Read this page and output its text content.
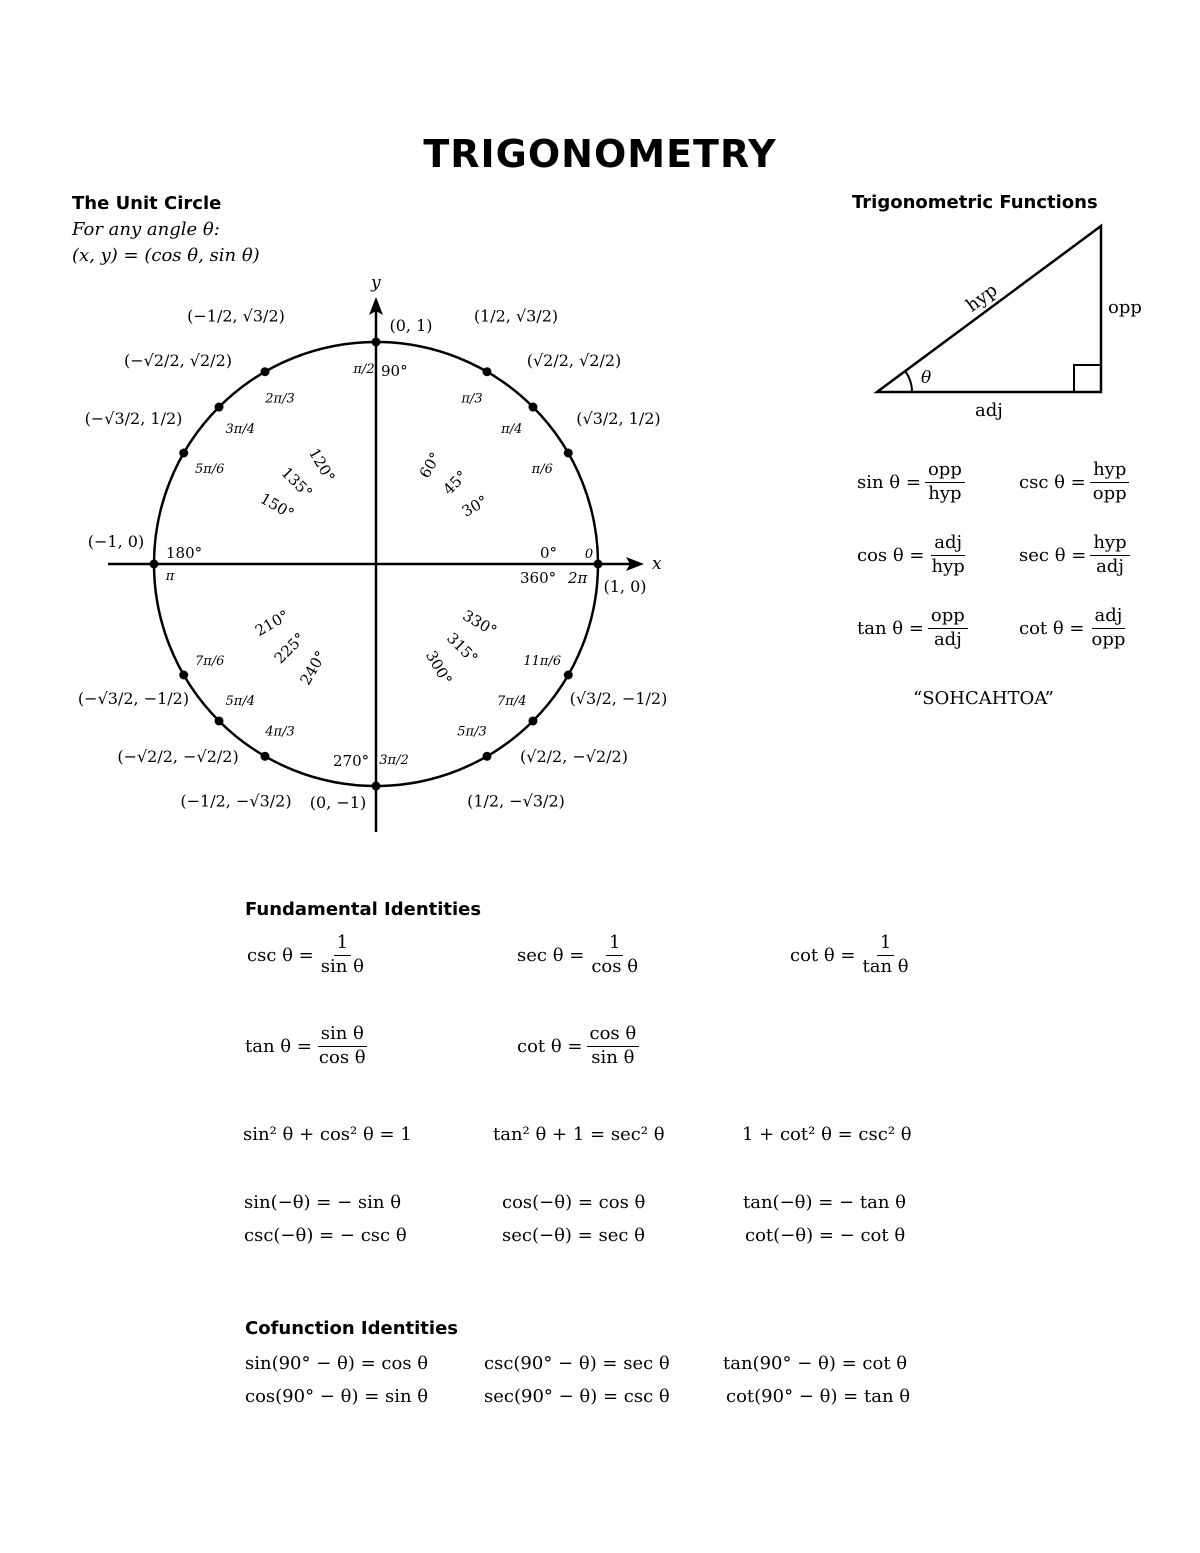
TRIGONOMETRY
The Unit Circle
For any angle θ:
(x, y) = (cos θ, sin θ)
x
y
(1, 0)
0
(√3/2, 1/2)
π/6
30°
(√2/2, √2/2)
π/4
45°
(1/2, √3/2)
π/3
60°
(0, 1)
π/2
(−1/2, √3/2)
2π/3
120°
(−√2/2, √2/2)
3π/4
135°
(−√3/2, 1/2)
5π/6
150°
(−1, 0)
π
(−√3/2, −1/2)
7π/6
210°
(−√2/2, −√2/2)
5π/4
225°
(−1/2, −√3/2)
4π/3
240°
(0, −1)
3π/2
(1/2, −√3/2)
5π/3
300°
(√2/2, −√2/2)
7π/4
315°
(√3/2, −1/2)
11π/6
330°
0°
360° 2π
90°
180°
270°
Trigonometric Functions
θ
opp
adj
hyp
$\sin \theta = \frac{\text{opp}}{\text{hyp}}$	$\csc \theta = \frac{\text{hyp}}{\text{opp}}$
$\cos \theta = \frac{\text{adj}}{\text{hyp}}$	$\sec \theta = \frac{\text{hyp}}{\text{adj}}$
$\tan \theta = \frac{\text{opp}}{\text{adj}}$	$\cot \theta = \frac{\text{adj}}{\text{opp}}$
“SOHCAHTOA”
Fundamental Identities
$\csc \theta = \frac{1}{\text{sin θ}}$	$\sec \theta = \frac{1}{\text{cos θ}}$	$\cot \theta = \frac{1}{\text{tan θ}}$
$\tan \theta = \frac{\text{sin θ}}{\text{cos θ}}$	$\cot \theta = \frac{\text{cos θ}}{\text{sin θ}}$
sin² θ + cos² θ = 1	tan² θ + 1 = sec² θ	1 + cot² θ = csc² θ
sin(−θ) = − sin θ	cos(−θ) = cos θ	tan(−θ) = − tan θ
csc(−θ) = − csc θ	sec(−θ) = sec θ	cot(−θ) = − cot θ
Cofunction Identities
sin(90° − θ) = cos θ	csc(90° − θ) = sec θ	tan(90° − θ) = cot θ
cos(90° − θ) = sin θ	sec(90° − θ) = csc θ	cot(90° − θ) = tan θ
